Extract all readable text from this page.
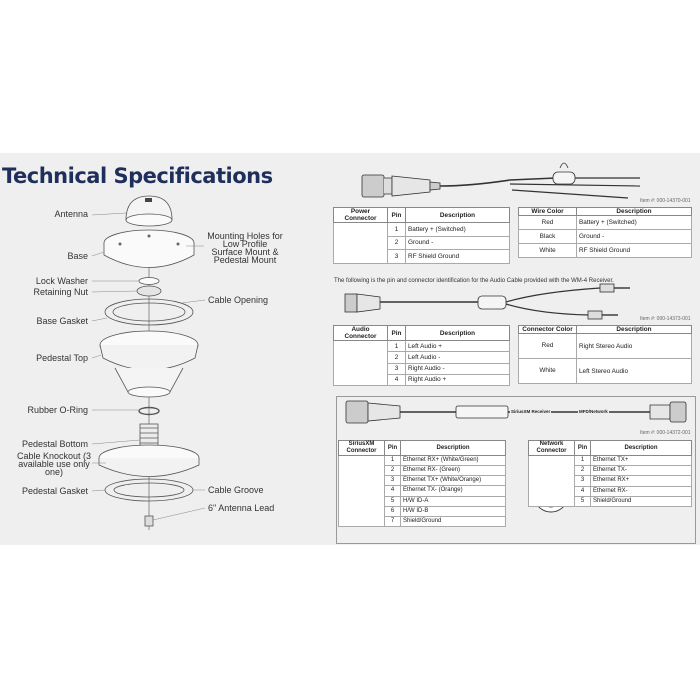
Technical Specifications
Antenna
Base
Mounting Holes for Low Profile Surface Mount & Pedestal Mount
Lock Washer
Retaining Nut
Cable Opening
Base Gasket
Pedestal Top
Rubber O-Ring
Pedestal Bottom
Cable Knockout (3 available use only one)
Pedestal Gasket	Cable Groove
6" Antenna Lead
Item #: 000-14370-001
Power Connector	Pin	Description
	1	Battery + (Switched)
	2	Ground -
	3	RF Shield Ground
Wire Color	Description
Red	Battery + (Switched)
Black	Ground -
White	RF Shield Ground
The following is the pin and connector identification for the Audio Cable provided with the WM-4 Receiver.
Item #: 000-14373-001
Audio Connector	Pin	Description
	1	Left Audio +
	2	Left Audio -
	3	Right Audio -
	4	Right Audio +
Connector Color	Description
Red	Right Stereo Audio
White	Left Stereo Audio
SiriusXM Receiver	MFD/Network
Item #: 000-14372-001
SiriusXM Connector	Pin	Description
	1	Ethernet RX+ (White/Green)
	2	Ethernet RX- (Green)
	3	Ethernet TX+ (White/Orange)
	4	Ethernet TX- (Orange)
	5	H/W ID-A
	6	H/W ID-B
	7	Shield/Ground
Network Connector	Pin	Description
	1	Ethernet TX+
	2	Ethernet TX-
	3	Ethernet RX+
	4	Ethernet RX-
	5	Shield/Ground
